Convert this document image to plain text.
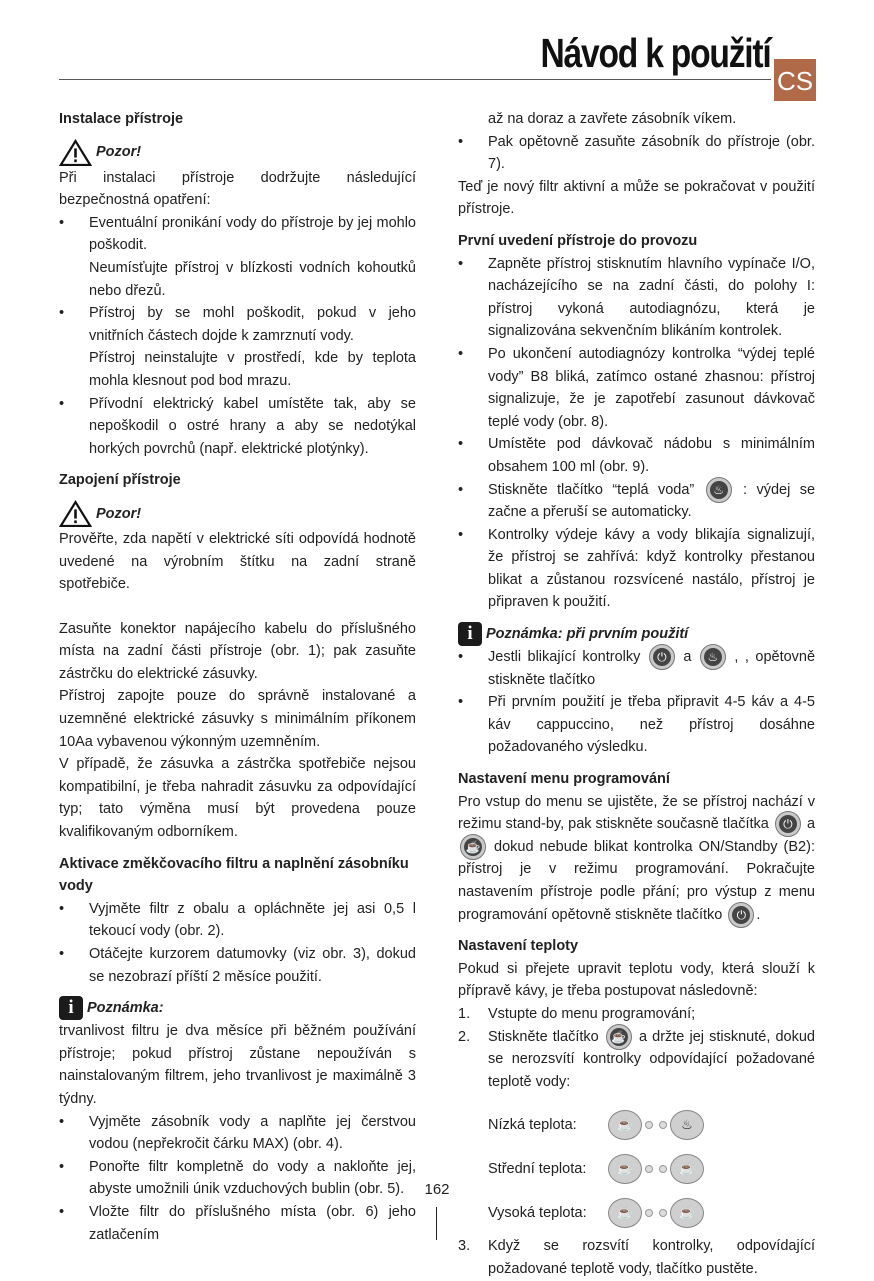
Návod k použití
CS
Instalace přístroje
Pozor!

Při instalaci přístroje dodržujte následující bezpečnostná opatření:

• Eventuální pronikání vody do přístroje by jej mohlo poškodit.
Neumísťujte přístroj v blízkosti vodních kohoutků nebo dřezů.
• Přístroj by se mohl poškodit, pokud v jeho vnitřních částech dojde k zamrznutí vody.
Přístroj neinstalujte v prostředí, kde by teplota mohla klesnout pod bod mrazu.
• Přívodní elektrický kabel umístěte tak, aby se nepoškodil o ostré hrany a aby se nedotýkal horkých povrchů (např. elektrické plotýnky).
Zapojení přístroje
Pozor!

Prověřte, zda napětí v elektrické síti odpovídá hodnotě uvedené na výrobním štítku na zadní straně spotřebiče.

Zasuňte konektor napájecího kabelu do příslušného místa na zadní části přístroje (obr. 1); pak zasuňte zástrčku do elektrické zásuvky.

Přístroj zapojte pouze do správně instalované a uzemněné elektrické zásuvky s minimálním příkonem 10Aa vybavenou výkonným uzemněním.

V případě, že zásuvka a zástrčka spotřebiče nejsou kompatibilní, je třeba nahradit zásuvku za odpovídající typ; tato výměna musí být provedena pouze kvalifikovaným odborníkem.

Aktivace změkčovacího filtru a naplnění zásobníku vody
• Vyjměte filtr z obalu a opláchněte jej asi 0,5 l tekoucí vody (obr. 2).
• Otáčejte kurzorem datumovky (viz obr. 3), dokud se nezobrazí příští 2 měsíce použití.
i Poznámka:

trvanlivost filtru je dva měsíce při běžném používání přístroje; pokud přístroj zůstane nepoužíván s nainstalovaným filtrem, jeho trvanlivost je maximálně 3 týdny.

• Vyjměte zásobník vody a naplňte jej čerstvou vodou (nepřekročit čárku MAX) (obr. 4).
• Ponořte filtr kompletně do vody a nakloňte jej, abyste umožnili únik vzduchových bublin (obr. 5).
• Vložte filtr do příslušného místa (obr. 6) jeho zatlačením
až na doraz a zavřete zásobník víkem.
• Pak opětovně zasuňte zásobník do přístroje (obr. 7).

Teď je nový filtr aktivní a může se pokračovat v použití přístroje.

První uvedení přístroje do provozu
• Zapněte přístroj stisknutím hlavního vypínače I/O, nacházejícího se na zadní části, do polohy I: přístroj vykoná autodiagnózu, která je signalizována sekvenčním blikáním kontrolek.
• Po ukončení autodiagnózy kontrolka “výdej teplé vody” B8 bliká, zatímco ostané zhasnou: přístroj signalizuje, že je zapotřebí zasunout dávkovač teplé vody (obr. 8).
• Umístěte pod dávkovač nádobu s minimálním obsahem 100 ml (obr. 9).
• Stiskněte tlačítko “teplá voda”	♨ : výdej se začne a přeruší se automaticky.
• Kontrolky výdeje kávy a vody blikajía signalizují, že přístroj se zahřívá: když kontrolky přestanou blikat a zůstanou rozsvícené nastálo, přístroj je připraven k použití.
i Poznámka: při prvním použití
• Jestli blikající kontrolky	⏻ a	♨ , , opětovně stiskněte tlačítko
• Při prvním použití je třeba připravit 4-5 káv a 4-5 káv cappuccino, než přístroj dosáhne požadovaného výsledku.
Nastavení menu programování

Pro vstup do menu se ujistěte, že se přístroj nachází v režimu stand-by, pak stiskněte současně tlačítka	⏻ a
☕ dokud nebude blikat kontrolka ON/Standby (B2): přístroj je v režimu programování. Pokračujte nastavením přístroje podle přání; pro výstup z menu programování opětovně stiskněte tlačítko	⏻ .

Nastavení teploty

Pokud si přejete upravit teplotu vody, která slouží k přípravě kávy, je třeba postupovat následovně:

1. Vstupte do menu programování;
2. Stiskněte tlačítko ☕ a držte jej stisknuté, dokud se nerozsvítí kontrolky odpovídající požadované teplotě vody:
Nízká teplota:	☕	♨
Střední teplota:	☕	☕
Vysoká teplota:	☕	☕
3. Když se rozsvítí kontrolky, odpovídající požadované teplotě vody, tlačítko pustěte.
162
